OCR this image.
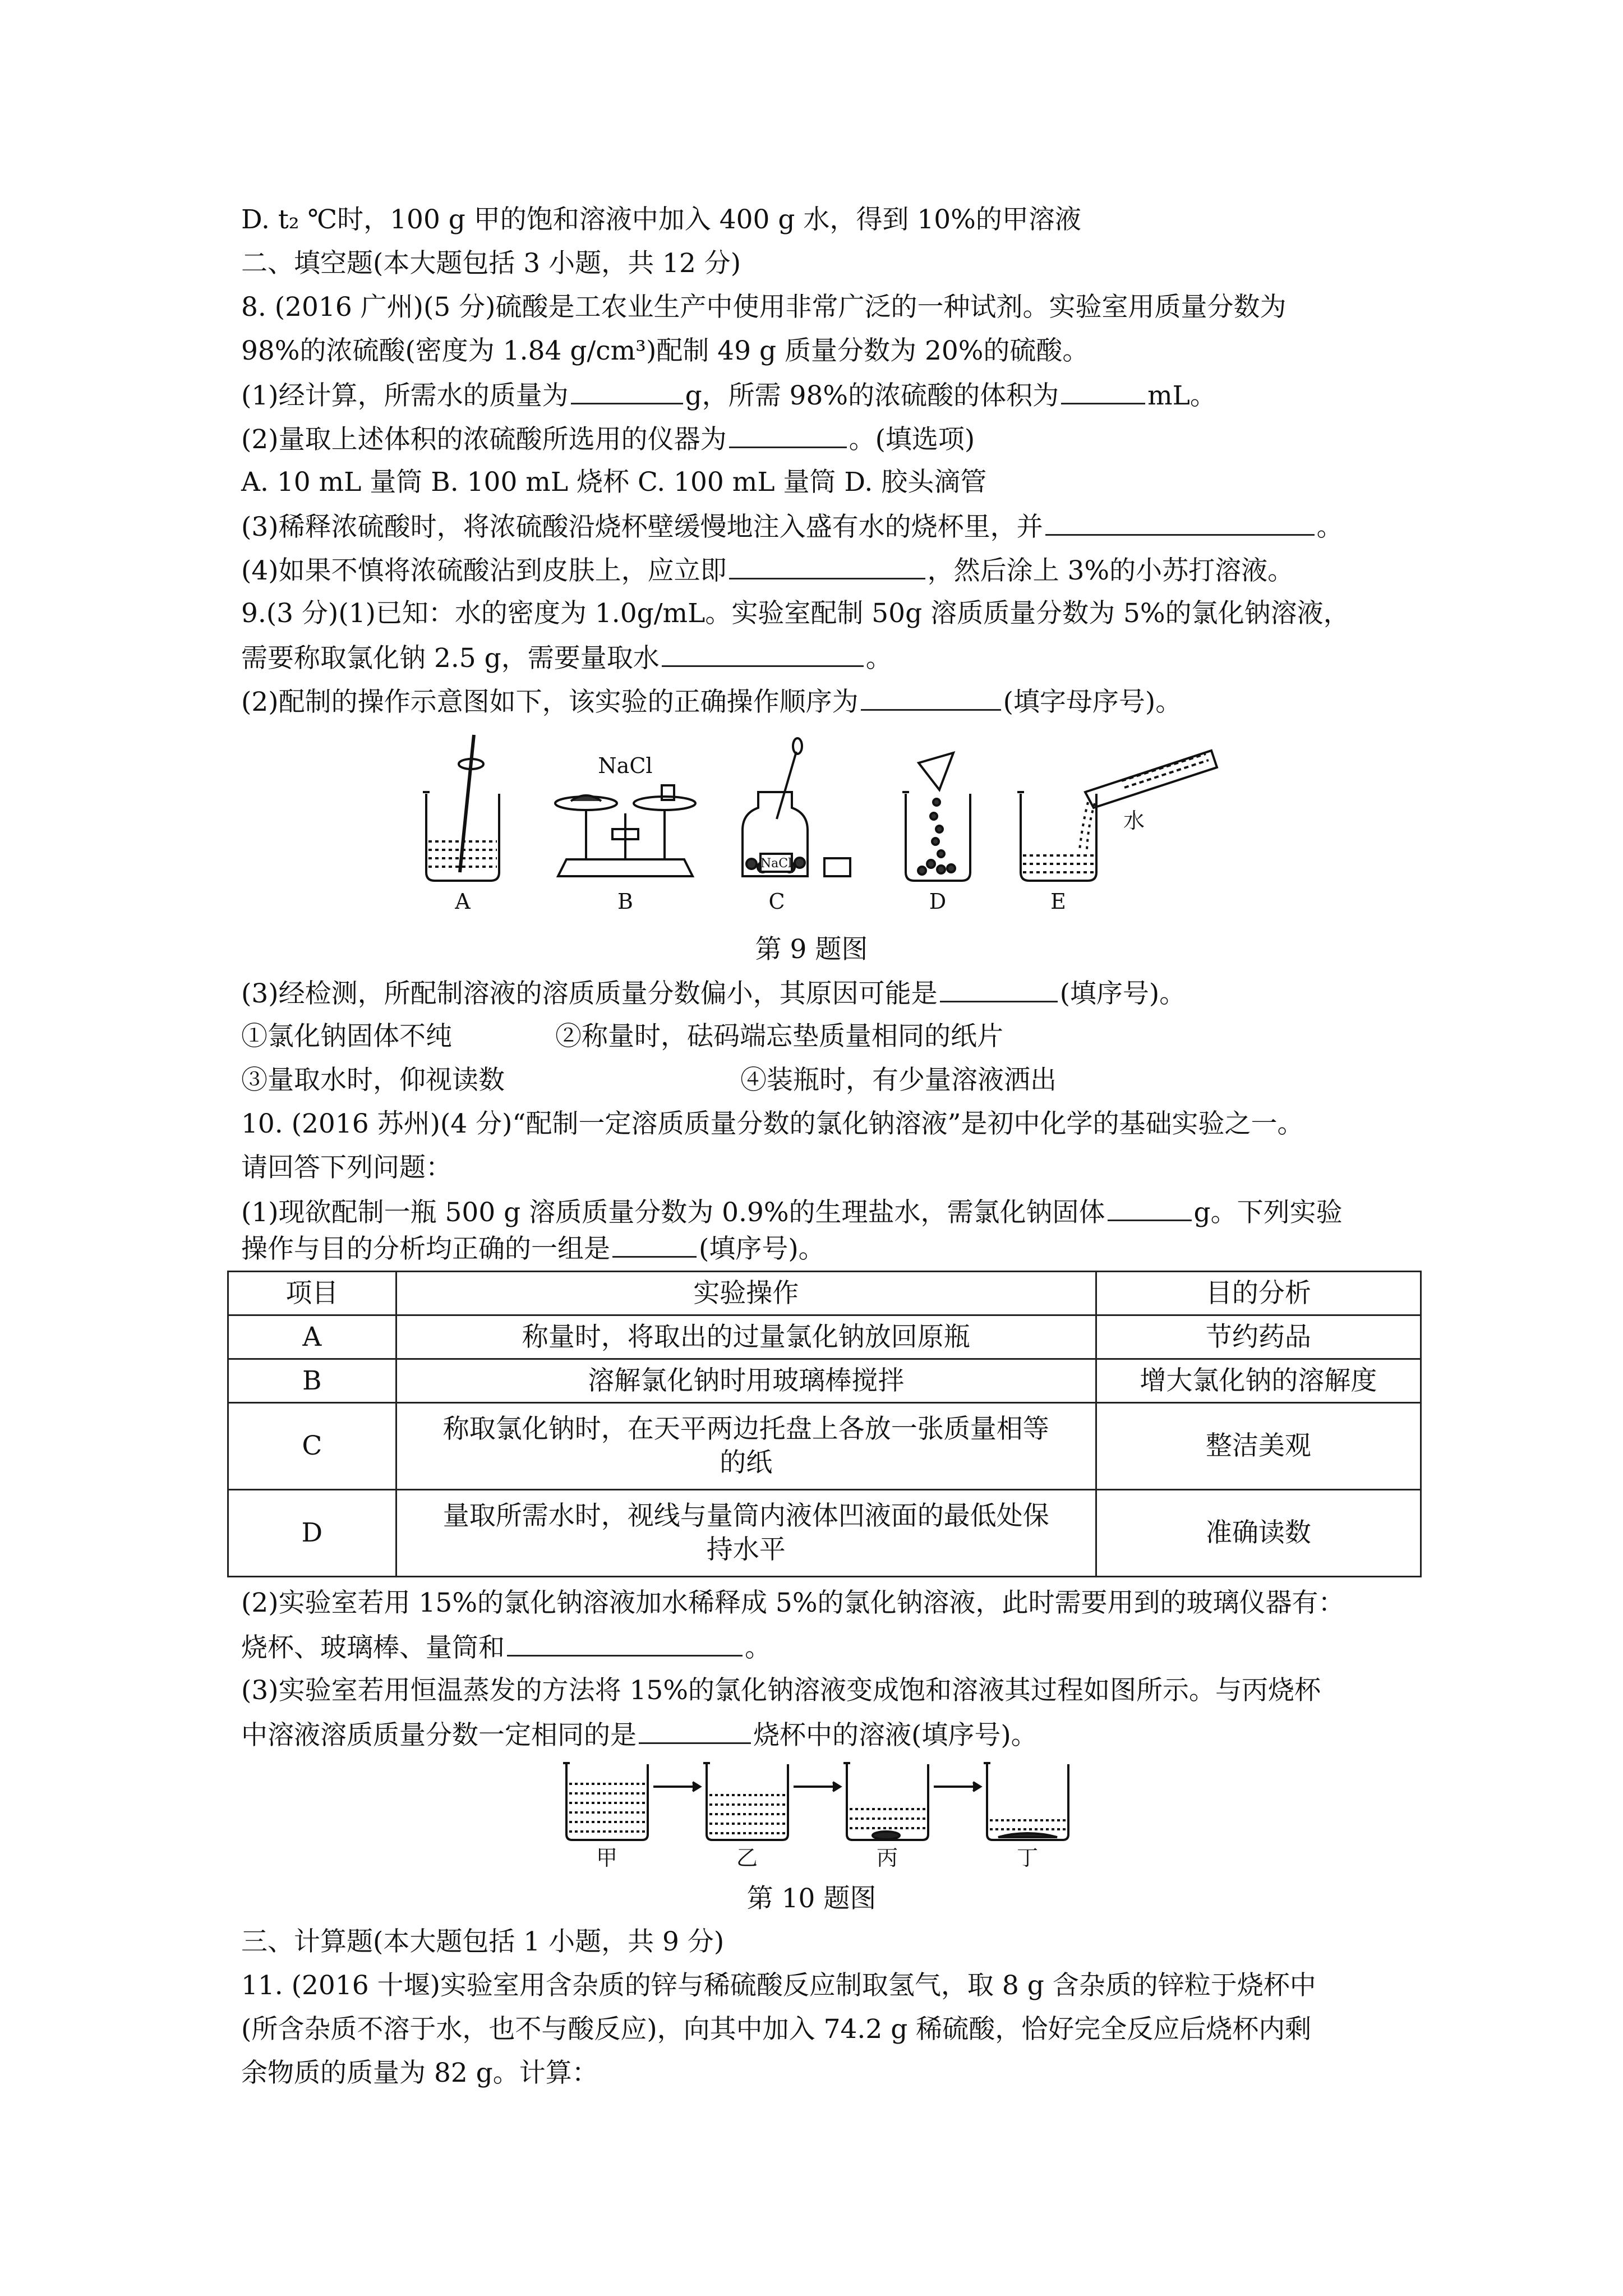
D. t₂ ℃时，100 g 甲的饱和溶液中加入 400 g 水，得到 10%的甲溶液
二、填空题(本大题包括 3 小题，共 12 分)
8. (2016 广州)(5 分)硫酸是工农业生产中使用非常广泛的一种试剂。实验室用质量分数为
98%的浓硫酸(密度为 1.84 g/cm³)配制 49 g 质量分数为 20%的硫酸。
(1)经计算，所需水的质量为	g，所需 98%的浓硫酸的体积为	mL。
(2)量取上述体积的浓硫酸所选用的仪器为	。(填选项)
A. 10 mL 量筒 B. 100 mL 烧杯 C. 100 mL 量筒 D. 胶头滴管
(3)稀释浓硫酸时，将浓硫酸沿烧杯壁缓慢地注入盛有水的烧杯里，并	。
(4)如果不慎将浓硫酸沾到皮肤上，应立即	，然后涂上 3%的小苏打溶液。
9.(3 分)(1)已知：水的密度为 1.0g/mL。实验室配制 50g 溶质质量分数为 5%的氯化钠溶液，
需要称取氯化钠 2.5 g，需要量取水	。
(2)配制的操作示意图如下，该实验的正确操作顺序为	(填字母序号)。
NaCl
NaCl
水
A	B	C	D	E
第 9 题图
(3)经检测，所配制溶液的溶质质量分数偏小，其原因可能是	(填序号)。
①氯化钠固体不纯	②称量时，砝码端忘垫质量相同的纸片
③量取水时，仰视读数	④装瓶时，有少量溶液洒出
10. (2016 苏州)(4 分)“配制一定溶质质量分数的氯化钠溶液”是初中化学的基础实验之一。
请回答下列问题：
(1)现欲配制一瓶 500 g 溶质质量分数为 0.9%的生理盐水，需氯化钠固体	g。下列实验
操作与目的分析均正确的一组是	(填序号)。
项目	实验操作	目的分析
A	称量时，将取出的过量氯化钠放回原瓶	节约药品
B	溶解氯化钠时用玻璃棒搅拌	增大氯化钠的溶解度
C	称取氯化钠时，在天平两边托盘上各放一张质量相等
的纸	整洁美观
D	量取所需水时，视线与量筒内液体凹液面的最低处保
持水平	准确读数
(2)实验室若用 15%的氯化钠溶液加水稀释成 5%的氯化钠溶液，此时需要用到的玻璃仪器有：
烧杯、玻璃棒、量筒和	。
(3)实验室若用恒温蒸发的方法将 15%的氯化钠溶液变成饱和溶液其过程如图所示。与丙烧杯
中溶液溶质质量分数一定相同的是	烧杯中的溶液(填序号)。
甲	乙	丙	丁
第 10 题图
三、计算题(本大题包括 1 小题，共 9 分)
11. (2016 十堰)实验室用含杂质的锌与稀硫酸反应制取氢气，取 8 g 含杂质的锌粒于烧杯中
(所含杂质不溶于水，也不与酸反应)，向其中加入 74.2 g 稀硫酸，恰好完全反应后烧杯内剩
余物质的质量为 82 g。计算：
